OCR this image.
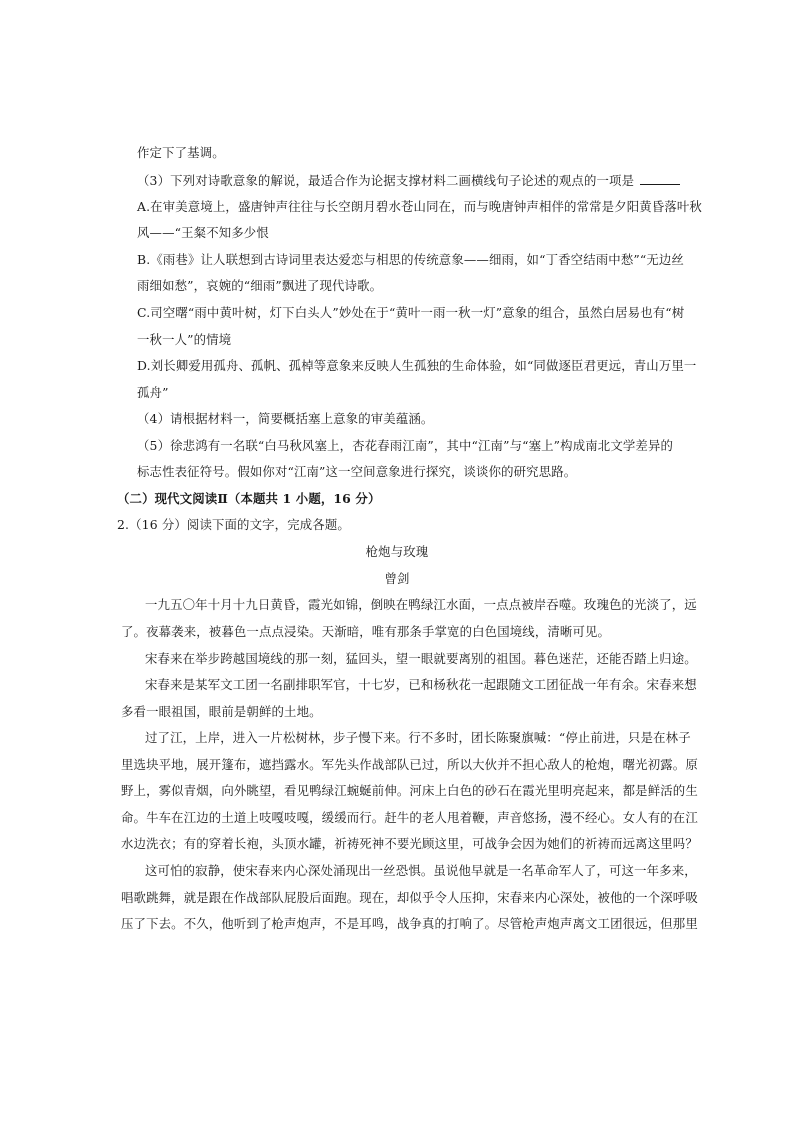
作定下了基调。

（3）下列对诗歌意象的解说，最适合作为论据支撑材料二画横线句子论述的观点的一项是

A.在审美意境上，盛唐钟声往往与长空朗月碧水苍山同在，而与晚唐钟声相伴的常常是夕阳黄昏落叶秋

风——“王粲不知多少恨

B.《雨巷》让人联想到古诗词里表达爱恋与相思的传统意象——细雨，如“丁香空结雨中愁”“无边丝

雨细如愁”，哀婉的“细雨”飘进了现代诗歌。

C.司空曙“雨中黄叶树，灯下白头人”妙处在于“黄叶一雨一秋一灯”意象的组合，虽然白居易也有“树

一秋一人”的情境

D.刘长卿爱用孤舟、孤帆、孤棹等意象来反映人生孤独的生命体验，如“同做逐臣君更远，青山万里一

孤舟”

（4）请根据材料一，简要概括塞上意象的审美蕴涵。

（5）徐悲鸿有一名联“白马秋风塞上，杏花春雨江南”，其中“江南”与“塞上”构成南北文学差异的

标志性表征符号。假如你对“江南”这一空间意象进行探究，谈谈你的研究思路。

（二）现代文阅读Ⅱ（本题共 1 小题，16 分）

2.（16 分）阅读下面的文字，完成各题。

枪炮与玫瑰

曾剑

一九五〇年十月十九日黄昏，霞光如锦，倒映在鸭绿江水面，一点点被岸吞噬。玫瑰色的光淡了，远

了。夜幕袭来，被暮色一点点浸染。天渐暗，唯有那条手掌宽的白色国境线，清晰可见。

宋春来在举步跨越国境线的那一刻，猛回头，望一眼就要离别的祖国。暮色迷茫，还能否踏上归途。

宋春来是某军文工团一名副排职军官，十七岁，已和杨秋花一起跟随文工团征战一年有余。宋春来想

多看一眼祖国，眼前是朝鲜的土地。

过了江，上岸，进入一片松树林，步子慢下来。行不多时，团长陈聚旗喊：“停止前进，只是在林子

里选块平地，展开篷布，遮挡露水。军先头作战部队已过，所以大伙并不担心敌人的枪炮，曙光初露。原

野上，雾似青烟，向外眺望，看见鸭绿江蜿蜒前伸。河床上白色的砂石在霞光里明亮起来，都是鲜活的生

命。牛车在江边的土道上吱嘎吱嘎，缓缓而行。赶牛的老人甩着鞭，声音悠扬，漫不经心。女人有的在江

水边洗衣；有的穿着长袍，头顶水罐，祈祷死神不要光顾这里，可战争会因为她们的祈祷而远离这里吗？

这可怕的寂静，使宋春来内心深处涌现出一丝恐惧。虽说他早就是一名革命军人了，可这一年多来，

唱歌跳舞，就是跟在作战部队屁股后面跑。现在，却似乎令人压抑，宋春来内心深处，被他的一个深呼吸

压了下去。不久，他听到了枪声炮声，不是耳鸣，战争真的打响了。尽管枪声炮声离文工团很远，但那里
